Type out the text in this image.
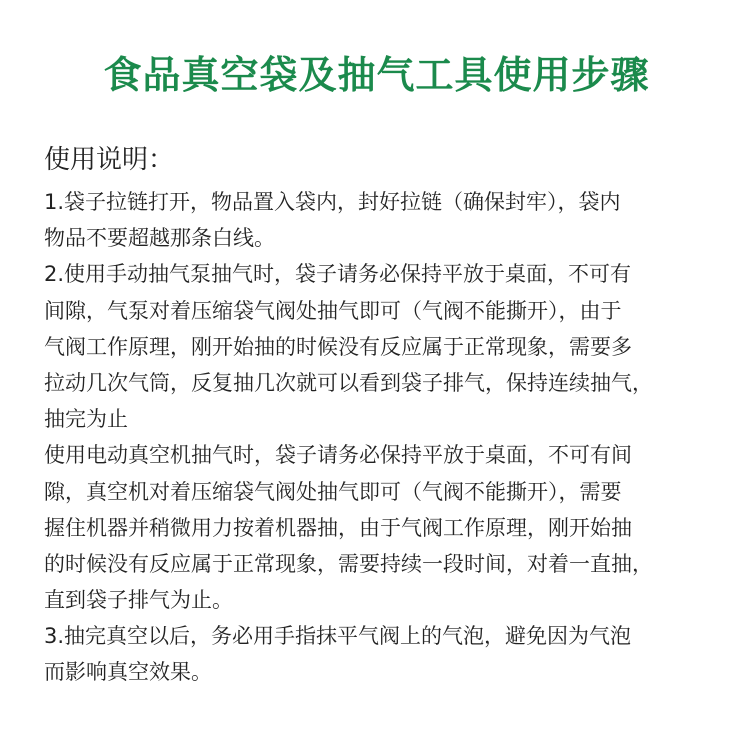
食品真空袋及抽气工具使用步骤
使用说明：
1.袋子拉链打开，物品置入袋内，封好拉链（确保封牢），袋内
物品不要超越那条白线。
2.使用手动抽气泵抽气时，袋子请务必保持平放于桌面，不可有
间隙，气泵对着压缩袋气阀处抽气即可（气阀不能撕开），由于
气阀工作原理，刚开始抽的时候没有反应属于正常现象，需要多
拉动几次气筒，反复抽几次就可以看到袋子排气，保持连续抽气，
抽完为止
使用电动真空机抽气时，袋子请务必保持平放于桌面，不可有间
隙，真空机对着压缩袋气阀处抽气即可（气阀不能撕开），需要
握住机器并稍微用力按着机器抽，由于气阀工作原理，刚开始抽
的时候没有反应属于正常现象，需要持续一段时间，对着一直抽，
直到袋子排气为止。
3.抽完真空以后，务必用手指抹平气阀上的气泡，避免因为气泡
而影响真空效果。
